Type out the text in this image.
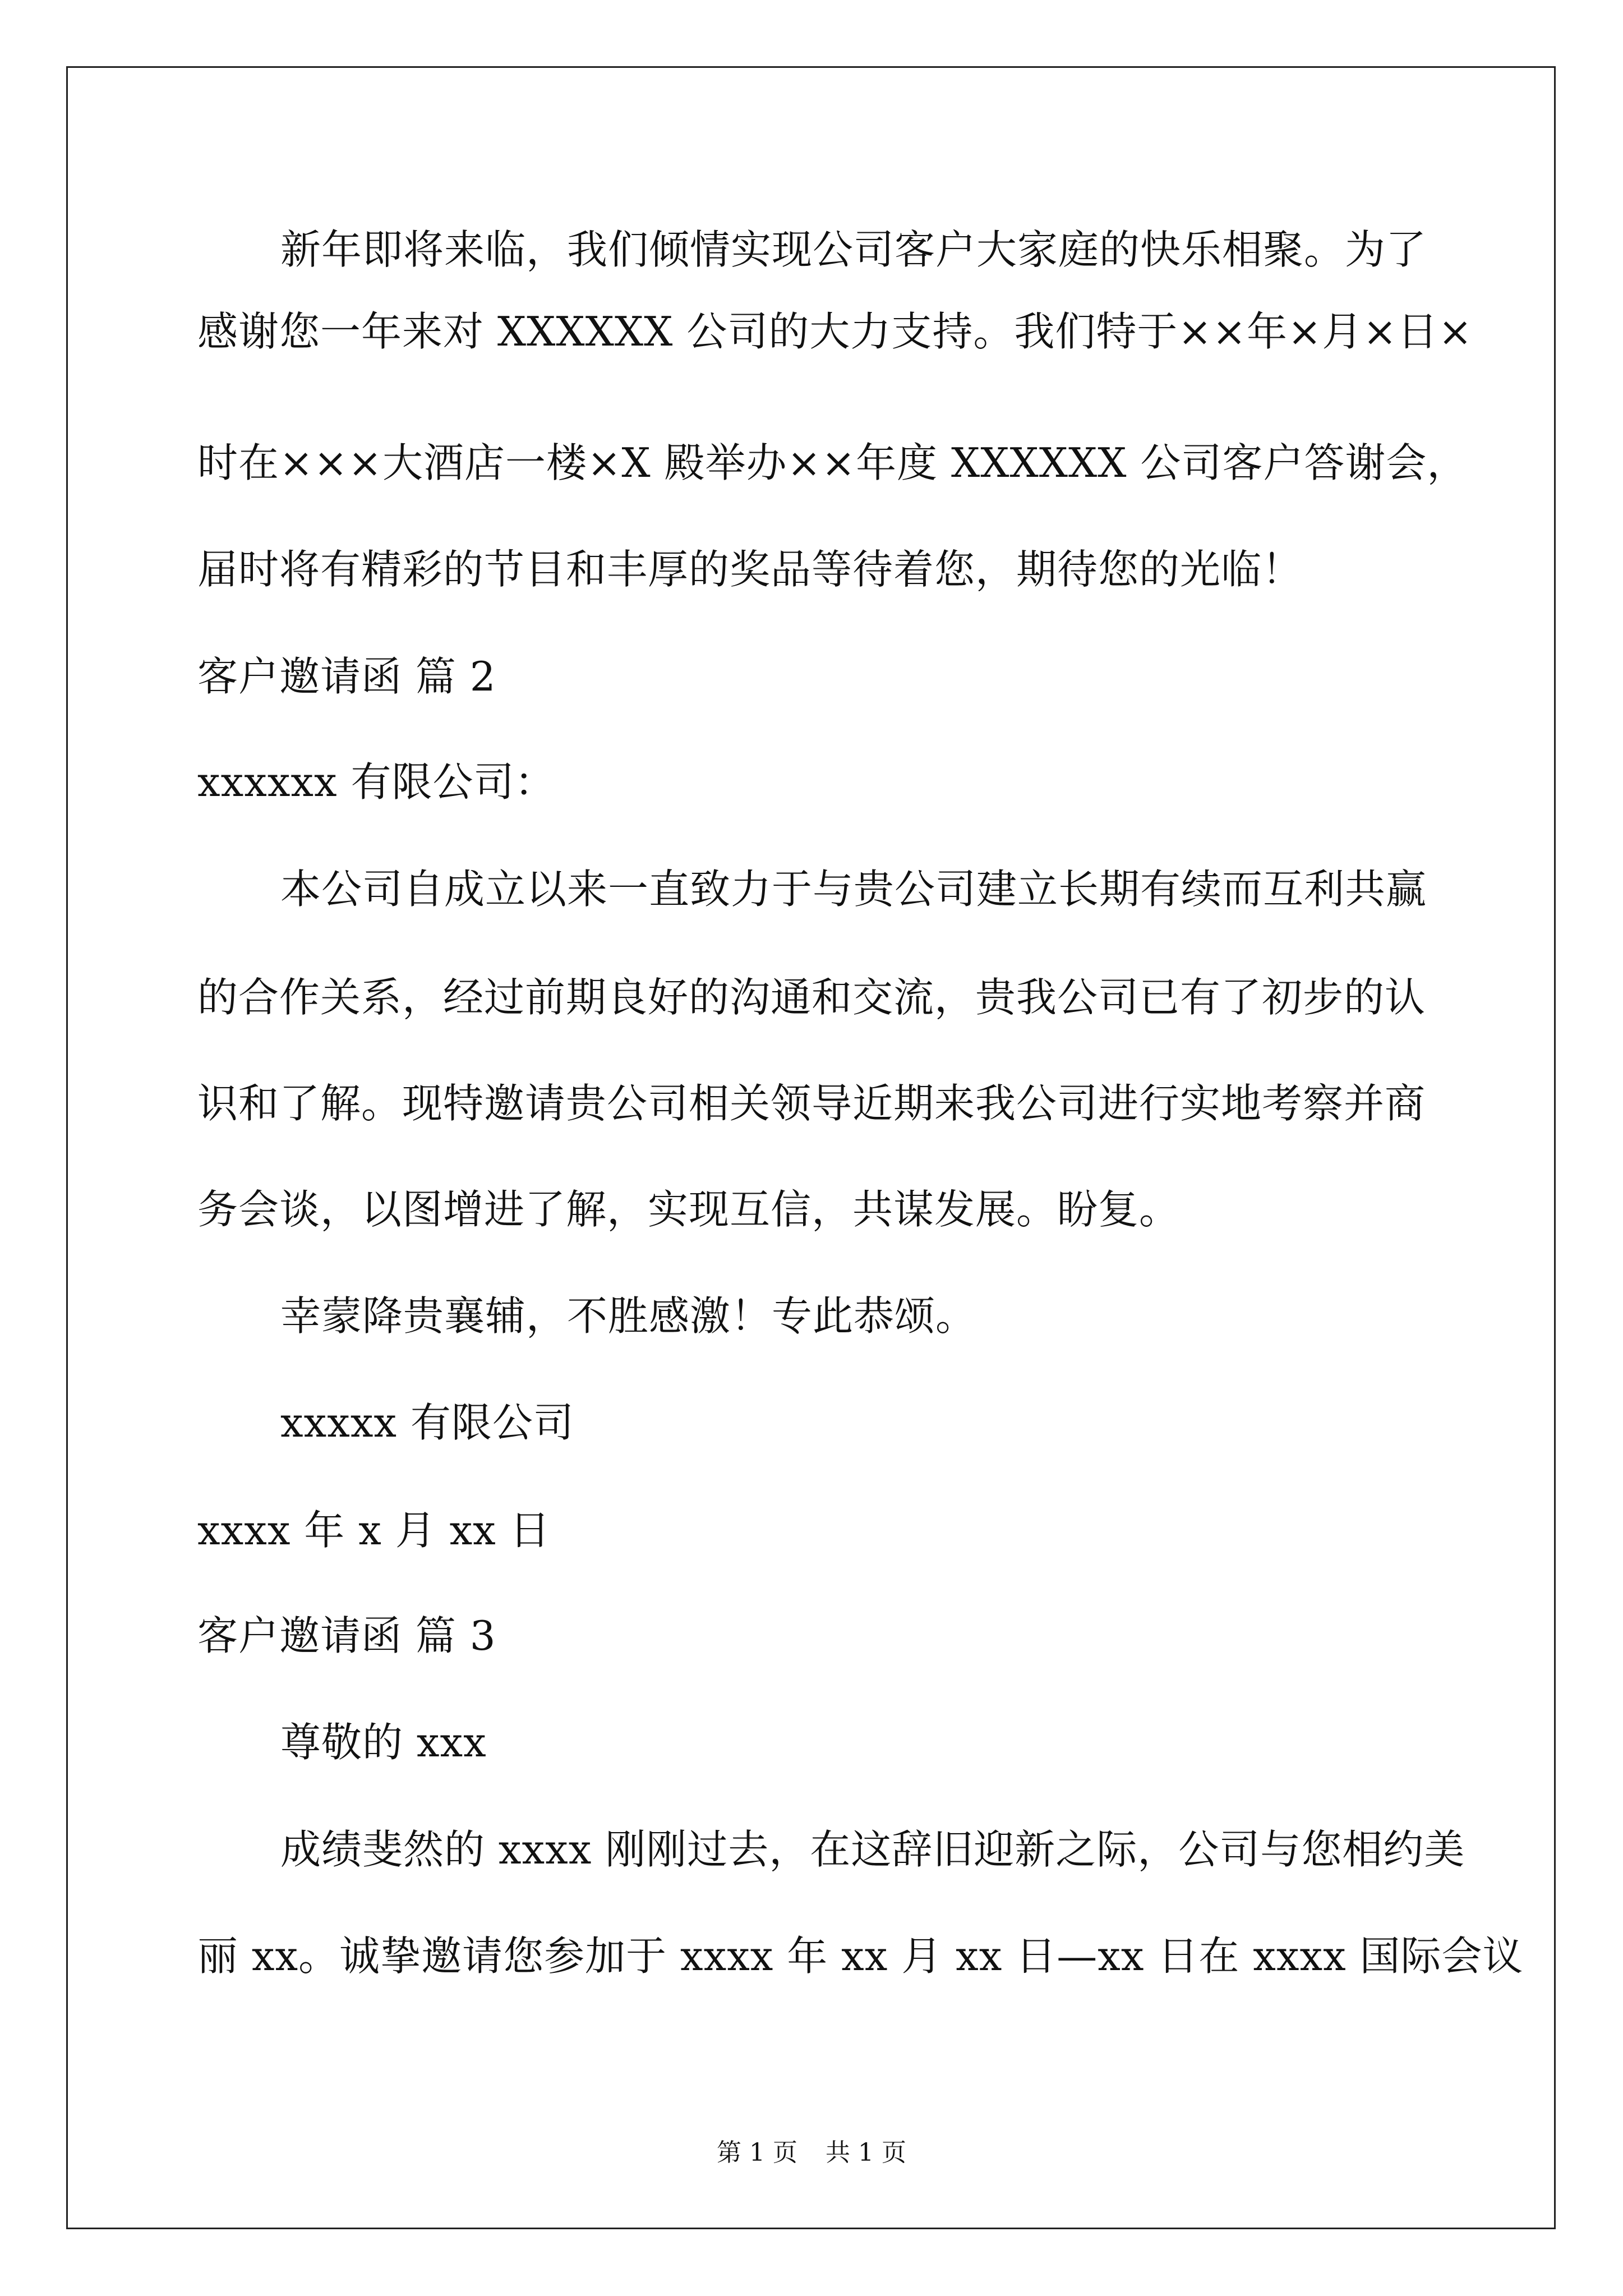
新年即将来临，我们倾情实现公司客户大家庭的快乐相聚。为了
感谢您一年来对 XXXXXX 公司的大力支持。我们特于××年×月×日×
时在×××大酒店一楼×X 殿举办××年度 XXXXXX 公司客户答谢会，
届时将有精彩的节目和丰厚的奖品等待着您，期待您的光临！
客户邀请函 篇 2
xxxxxx 有限公司：
本公司自成立以来一直致力于与贵公司建立长期有续而互利共赢
的合作关系，经过前期良好的沟通和交流，贵我公司已有了初步的认
识和了解。现特邀请贵公司相关领导近期来我公司进行实地考察并商
务会谈，以图增进了解，实现互信，共谋发展。盼复。
幸蒙降贵襄辅，不胜感激！专此恭颂。
xxxxx 有限公司
xxxx 年 x 月 xx 日
客户邀请函 篇 3
尊敬的 xxx
成绩斐然的 xxxx 刚刚过去，在这辞旧迎新之际，公司与您相约美
丽 xx。诚挚邀请您参加于 xxxx 年 xx 月 xx 日—xx 日在 xxxx 国际会议
第 1 页 共 1 页
